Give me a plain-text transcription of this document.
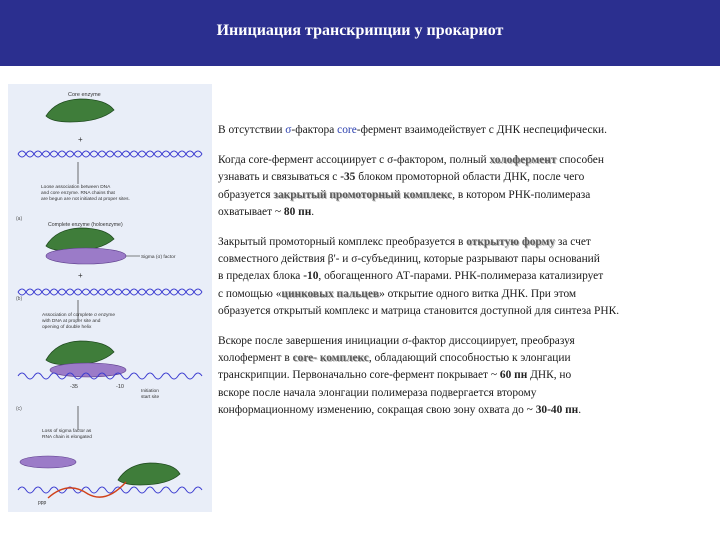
Инициация транскрипции у прокариот
Core enzyme
+
Loose association between DNA
and core enzyme. RNA chains that
are begun are not initiated at proper sites.
(a)
Complete enzyme (holoenzyme)
Sigma (σ) factor
+
(b)
Association of complete σ enzyme
with DNA at proper site and
opening of double helix
-35	-10
Initiation
start site
(c)
Loss of sigma factor as
RNA chain is elongated
ppp
В отсутствии σ-фактора core-фермент взаимодействует с ДНК неспецифически.
Когда core-фермент ассоциирует с σ-фактором, полный холофермент способен
узнавать и связываться с -35 блоком промоторной области ДНК, после чего
образуется закрытый промоторный комплекс, в котором РНК-полимераза
охватывает ~ 80 пн.
Закрытый промоторный комплекс преобразуется в открытую форму за счет
совместного действия β'- и σ-субъединиц, которые разрывают пары оснований
в пределах блока -10, обогащенного АТ-парами. РНК-полимераза катализирует
с помощью «цинковых пальцев» открытие одного витка ДНК. При этом
образуется открытый комплекс и матрица становится доступной для синтеза РНК.
Вскоре после завершения инициации σ-фактор диссоциирует, преобразуя
холофермент в core- комплекс, обладающий способностью к элонгации
транскрипции. Первоначально core-фермент покрывает ~ 60 пн ДНК, но
вскоре после начала элонгации полимераза подвергается второму
конформационному изменению, сокращая свою зону охвата до ~ 30-40 пн.
